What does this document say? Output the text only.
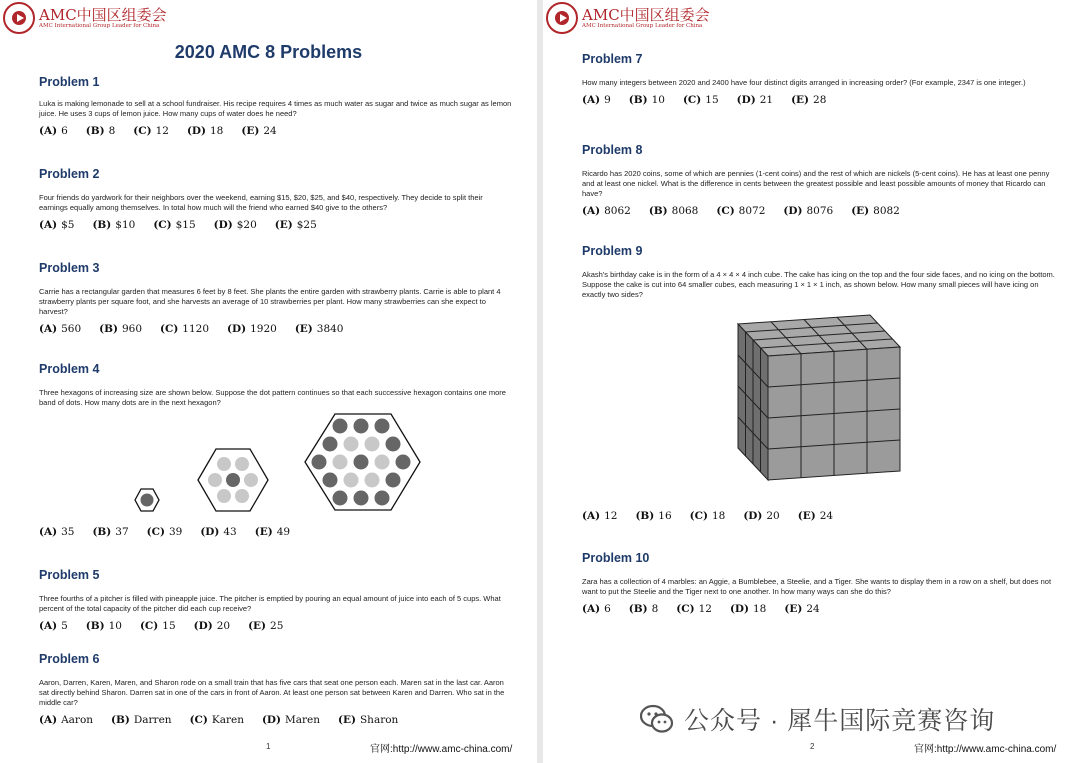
AMC中国区组委会
AMC International Group Leader for China
2020 AMC 8 Problems
Problem 1
Luka is making lemonade to sell at a school fundraiser. His recipe requires 4 times as much water as sugar and twice as much sugar as lemon juice. He uses 3 cups of lemon juice. How many cups of water does he need?
(A) 6 (B) 8 (C) 12 (D) 18 (E) 24
Problem 2
Four friends do yardwork for their neighbors over the weekend, earning $15, $20, $25, and $40, respectively. They decide to split their earnings equally among themselves. In total how much will the friend who earned $40 give to the others?
(A) $5 (B) $10 (C) $15 (D) $20 (E) $25
Problem 3
Carrie has a rectangular garden that measures 6 feet by 8 feet. She plants the entire garden with strawberry plants. Carrie is able to plant 4 strawberry plants per square foot, and she harvests an average of 10 strawberries per plant. How many strawberries can she expect to harvest?
(A) 560 (B) 960 (C) 1120 (D) 1920 (E) 3840
Problem 4
Three hexagons of increasing size are shown below. Suppose the dot pattern continues so that each successive hexagon contains one more band of dots. How many dots are in the next hexagon?
(A) 35 (B) 37 (C) 39 (D) 43 (E) 49
Problem 5
Three fourths of a pitcher is filled with pineapple juice. The pitcher is emptied by pouring an equal amount of juice into each of 5 cups. What percent of the total capacity of the pitcher did each cup receive?
(A) 5 (B) 10 (C) 15 (D) 20 (E) 25
Problem 6
Aaron, Darren, Karen, Maren, and Sharon rode on a small train that has five cars that seat one person each. Maren sat in the last car. Aaron sat directly behind Sharon. Darren sat in one of the cars in front of Aaron. At least one person sat between Karen and Darren. Who sat in the middle car?
(A) Aaron (B) Darren (C) Karen (D) Maren (E) Sharon
1	官网:http://www.amc-china.com/
AMC中国区组委会
AMC International Group Leader for China
Problem 7
How many integers between 2020 and 2400 have four distinct digits arranged in increasing order? (For example, 2347 is one integer.)
(A) 9 (B) 10 (C) 15 (D) 21 (E) 28
Problem 8
Ricardo has 2020 coins, some of which are pennies (1-cent coins) and the rest of which are nickels (5-cent coins). He has at least one penny and at least one nickel. What is the difference in cents between the greatest possible and least possible amounts of money that Ricardo can have?
(A) 8062 (B) 8068 (C) 8072 (D) 8076 (E) 8082
Problem 9
Akash's birthday cake is in the form of a 4 × 4 × 4 inch cube. The cake has icing on the top and the four side faces, and no icing on the bottom. Suppose the cake is cut into 64 smaller cubes, each measuring 1 × 1 × 1 inch, as shown below. How many small pieces will have icing on exactly two sides?
(A) 12 (B) 16 (C) 18 (D) 20 (E) 24
Problem 10
Zara has a collection of 4 marbles: an Aggie, a Bumblebee, a Steelie, and a Tiger. She wants to display them in a row on a shelf, but does not want to put the Steelie and the Tiger next to one another. In how many ways can she do this?
(A) 6 (B) 8 (C) 12 (D) 18 (E) 24
2	官网:http://www.amc-china.com/
公众号 · 犀牛国际竞赛咨询
